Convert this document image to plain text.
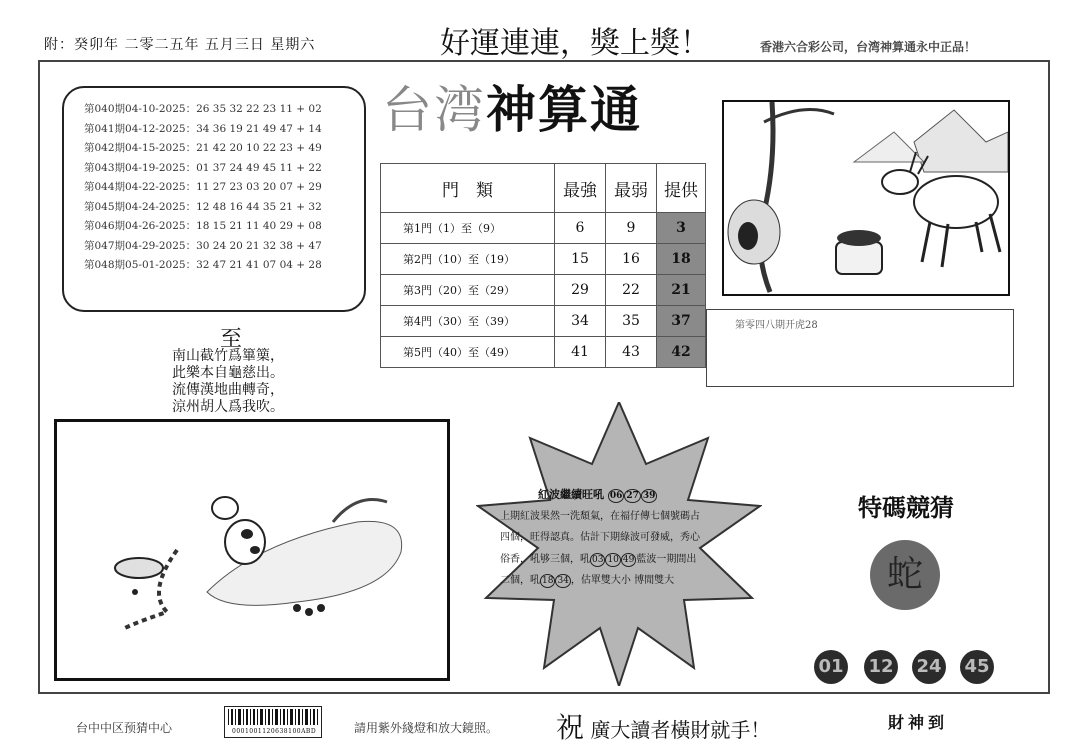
附：癸卯年 二零二五年 五月三日 星期六	好運連連，獎上獎！	香港六合彩公司，台湾神算通永中正品！
第040期04-10-2025：26 35 32 22 23 11 + 02
第041期04-12-2025：34 36 19 21 49 47 + 14
第042期04-15-2025：21 42 20 10 22 23 + 49
第043期04-19-2025：01 37 24 49 45 11 + 22
第044期04-22-2025：11 27 23 03 20 07 + 29
第045期04-24-2025：12 48 16 44 35 21 + 32
第046期04-26-2025：18 15 21 11 40 29 + 08
第047期04-29-2025：30 24 20 21 32 38 + 47
第048期05-01-2025：32 47 21 41 07 04 + 28
台湾神算通
門　類	最強	最弱	提供
第1門（1）至（9）	6	9	3
第2門（10）至（19）	15	16	18
第3門（20）至（29）	29	22	21
第4門（30）至（39）	34	35	37
第5門（40）至（49）	41	43	42
至
南山截竹爲篳篥，
此樂本自龜慈出。
流傳漢地曲轉奇，
涼州胡人爲我吹。
第零四八期开虎28
紅波繼續旺吼 06 27 39
上期紅波果然一洗頹氣，在福仔傳七個號碼占
四個，旺得認真。估計下期綠波可發威，秀心
俗香，吼够三個，吼 03 10 49 藍波一期間出
二個，吼 18 34 ，估單雙大小 博閒雙大
特碼競猜
蛇
01 12 24 45
台中中区预猜中心	0001001120638100ABD	請用紫外綫燈和放大鏡照。 祝 廣大讀者橫財就手！	財神到
